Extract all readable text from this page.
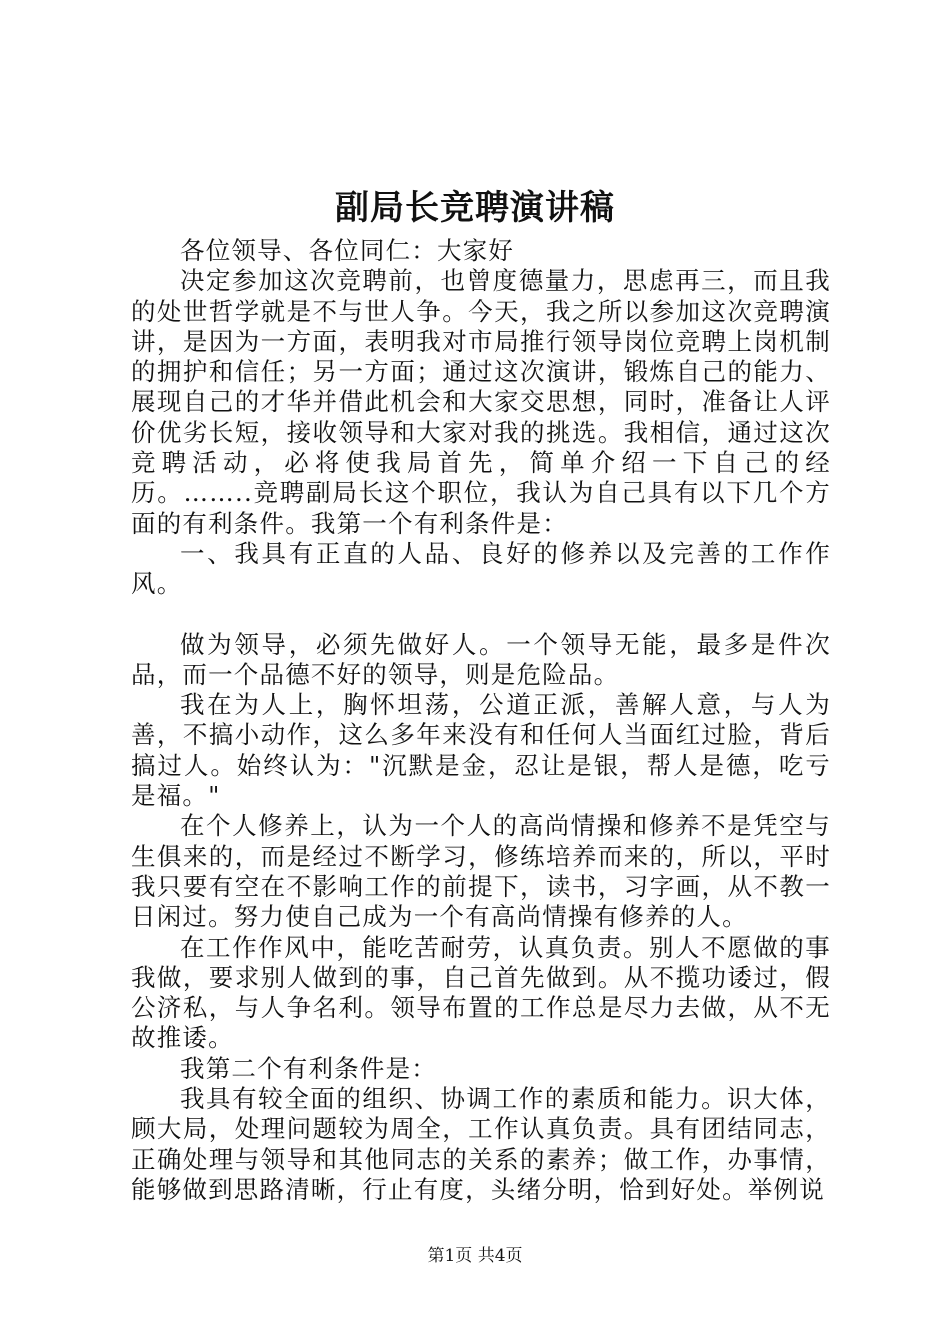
副局长竞聘演讲稿

各位领导、各位同仁：大家好

决定参加这次竞聘前，也曾度德量力，思虑再三，而且我的处世哲学就是不与世人争。今天，我之所以参加这次竞聘演讲，是因为一方面，表明我对市局推行领导岗位竞聘上岗机制的拥护和信任；另一方面；通过这次演讲，锻炼自己的能力、展现自己的才华并借此机会和大家交思想，同时，准备让人评价优劣长短，接收领导和大家对我的挑选。我相信，通过这次竞聘活动，必将使我局首先，简单介绍一下自己的经历。……..竞聘副局长这个职位，我认为自己具有以下几个方面的有利条件。我第一个有利条件是：

一、我具有正直的人品、良好的修养以及完善的工作作风。

做为领导，必须先做好人。一个领导无能，最多是件次品，而一个品德不好的领导，则是危险品。

我在为人上，胸怀坦荡，公道正派，善解人意，与人为善，不搞小动作，这么多年来没有和任何人当面红过脸，背后搞过人。始终认为："沉默是金，忍让是银，帮人是德，吃亏是福。"

在个人修养上，认为一个人的高尚情操和修养不是凭空与生俱来的，而是经过不断学习，修练培养而来的，所以，平时我只要有空在不影响工作的前提下，读书，习字画，从不教一日闲过。努力使自己成为一个有高尚情操有修养的人。

在工作作风中，能吃苦耐劳，认真负责。别人不愿做的事我做，要求别人做到的事，自己首先做到。从不揽功诿过，假公济私，与人争名利。领导布置的工作总是尽力去做，从不无故推诿。

我第二个有利条件是：

我具有较全面的组织、协调工作的素质和能力。识大体，顾大局，处理问题较为周全，工作认真负责。具有团结同志，正确处理与领导和其他同志的关系的素养；做工作，办事情，能够做到思路清晰，行止有度，头绪分明，恰到好处。举例说

第1页 共4页
